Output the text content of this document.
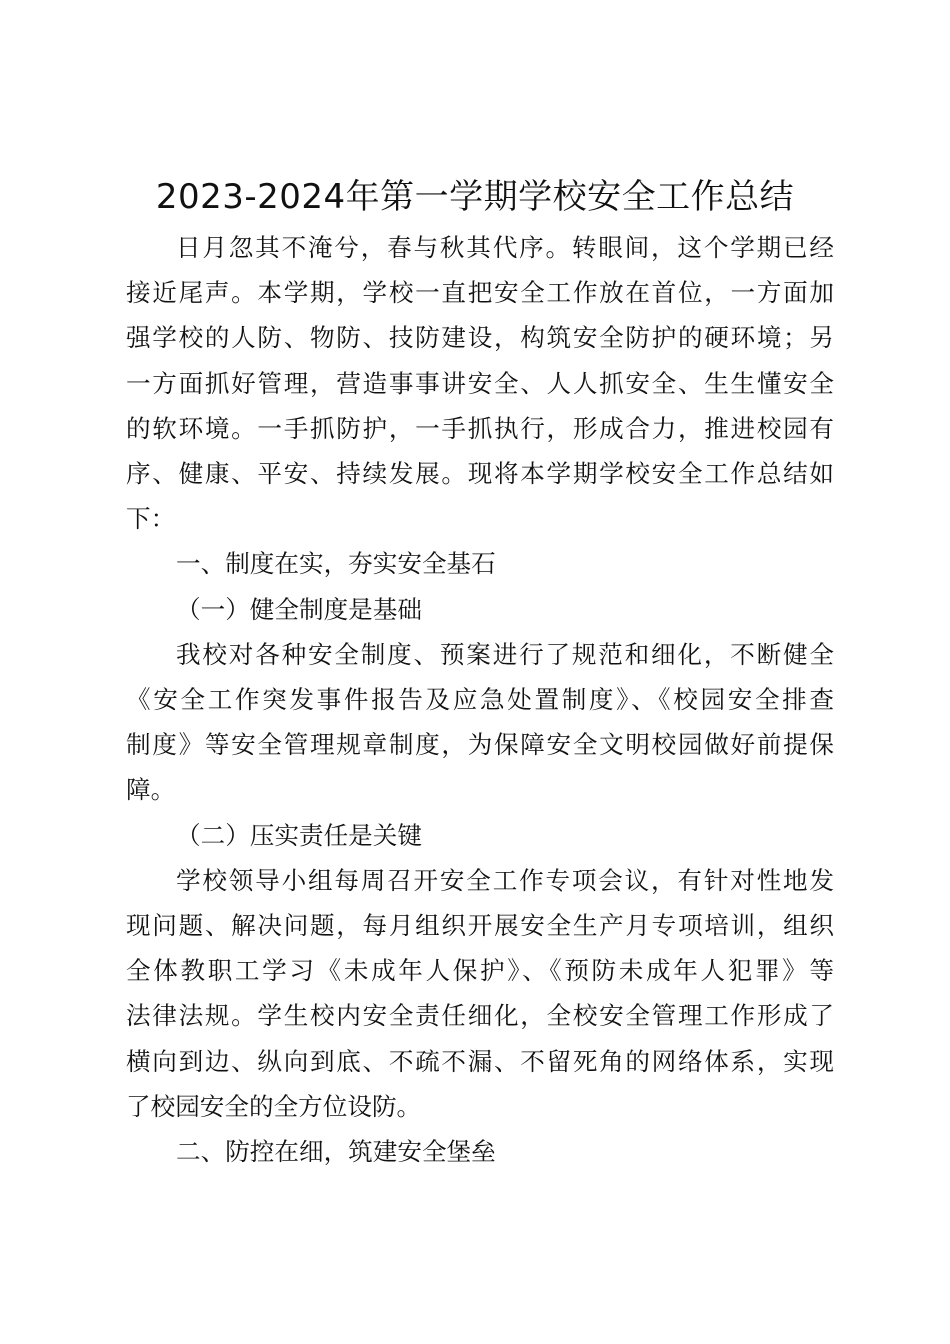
2023-2024年第一学期学校安全工作总结
日月忽其不淹兮，春与秋其代序。转眼间，这个学期已经
接近尾声。本学期，学校一直把安全工作放在首位，一方面加
强学校的人防、物防、技防建设，构筑安全防护的硬环境；另
一方面抓好管理，营造事事讲安全、人人抓安全、生生懂安全
的软环境。一手抓防护，一手抓执行，形成合力，推进校园有
序、健康、平安、持续发展。现将本学期学校安全工作总结如
下：

一、制度在实，夯实安全基石

（一）健全制度是基础

我校对各种安全制度、预案进行了规范和细化，不断健全
《安全工作突发事件报告及应急处置制度》、《校园安全排查
制度》等安全管理规章制度，为保障安全文明校园做好前提保
障。

（二）压实责任是关键

学校领导小组每周召开安全工作专项会议，有针对性地发
现问题、解决问题，每月组织开展安全生产月专项培训，组织
全体教职工学习《未成年人保护》、《预防未成年人犯罪》等
法律法规。学生校内安全责任细化，全校安全管理工作形成了
横向到边、纵向到底、不疏不漏、不留死角的网络体系，实现
了校园安全的全方位设防。

二、防控在细，筑建安全堡垒
